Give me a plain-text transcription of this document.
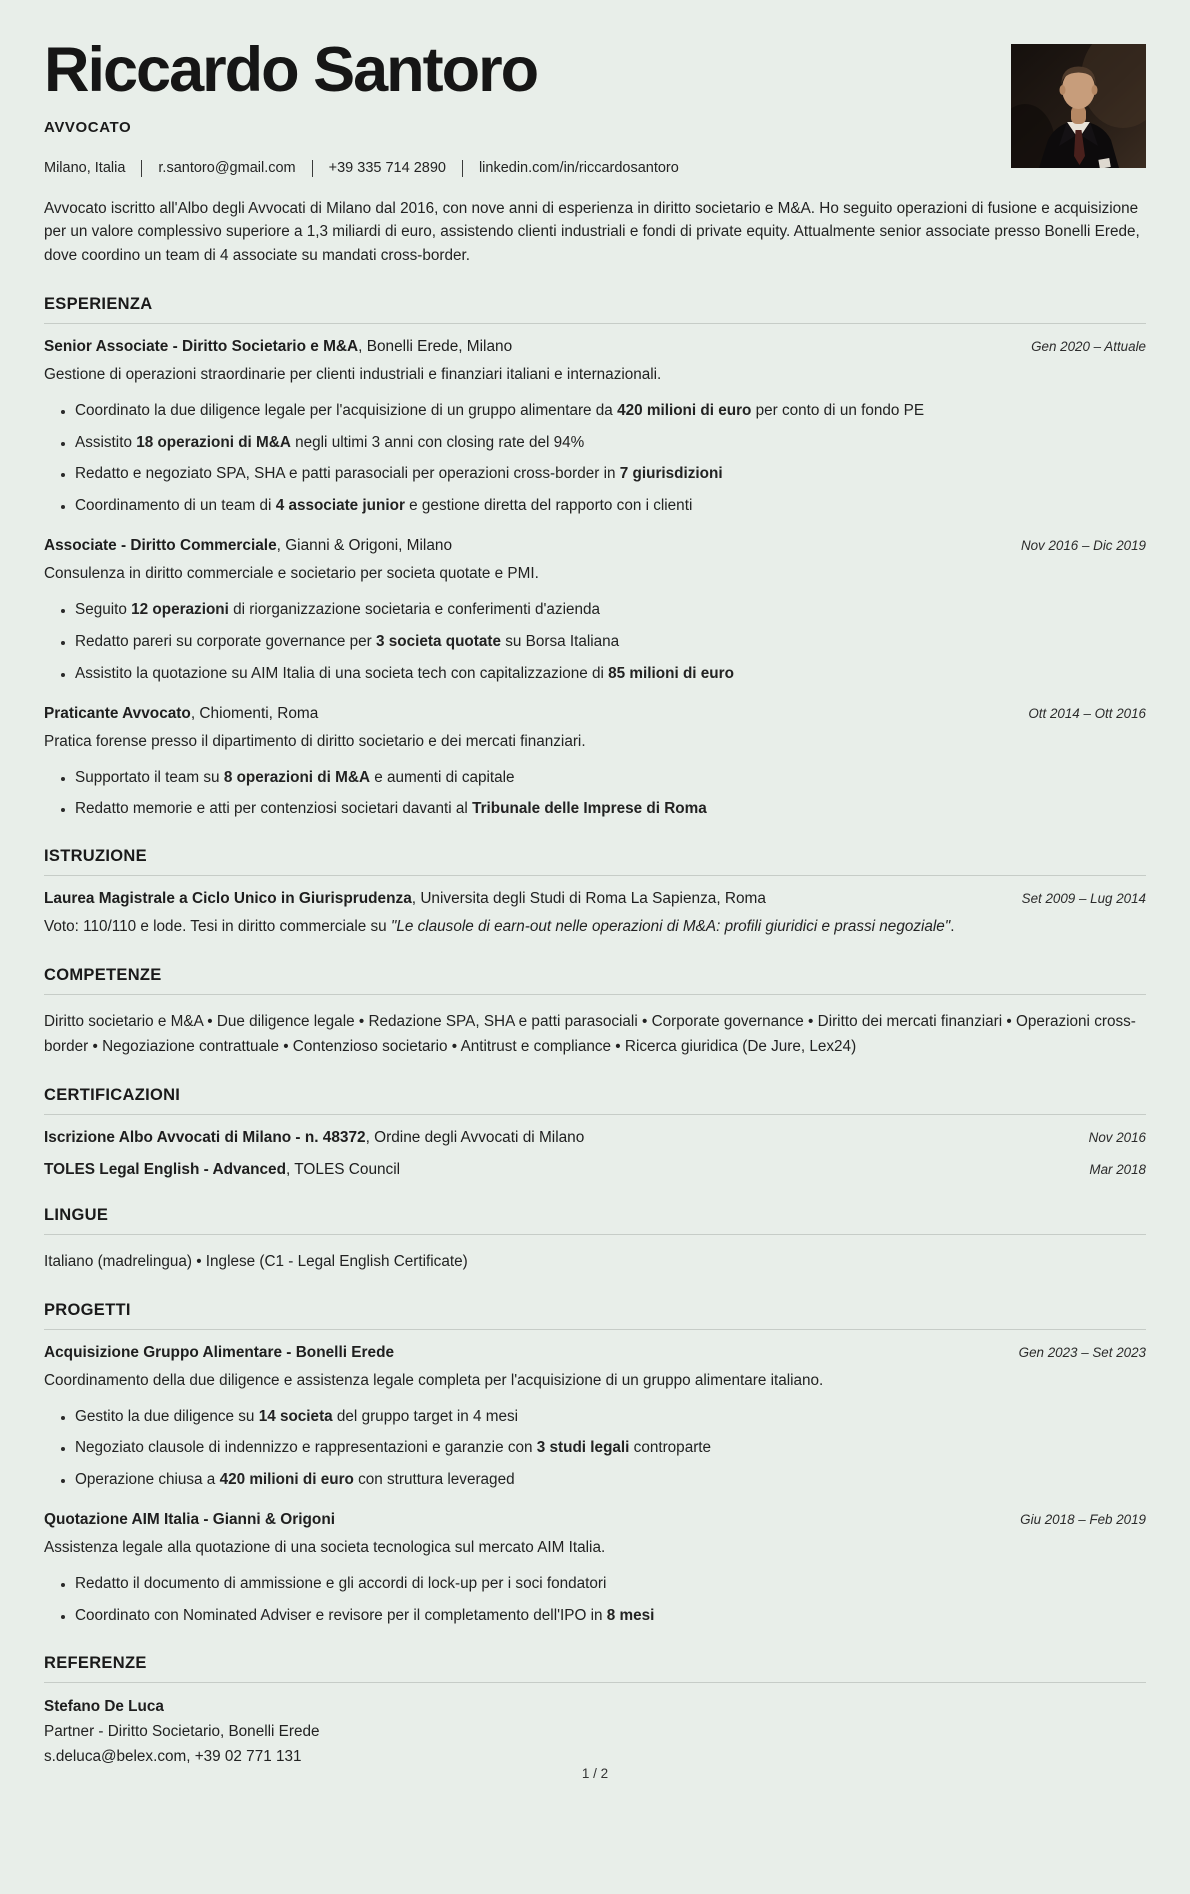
Riccardo Santoro
AVVOCATO
Milano, Italia r.santoro@gmail.com +39 335 714 2890 linkedin.com/in/riccardosantoro
Avvocato iscritto all'Albo degli Avvocati di Milano dal 2016, con nove anni di esperienza in diritto societario e M&A. Ho seguito operazioni di fusione e acquisizione per un valore complessivo superiore a 1,3 miliardi di euro, assistendo clienti industriali e fondi di private equity. Attualmente senior associate presso Bonelli Erede, dove coordino un team di 4 associate su mandati cross-border.
ESPERIENZA
Senior Associate - Diritto Societario e M&A, Bonelli Erede, Milano	Gen 2020 – Attuale
Gestione di operazioni straordinarie per clienti industriali e finanziari italiani e internazionali.
• Coordinato la due diligence legale per l'acquisizione di un gruppo alimentare da 420 milioni di euro per conto di un fondo PE
• Assistito 18 operazioni di M&A negli ultimi 3 anni con closing rate del 94%
• Redatto e negoziato SPA, SHA e patti parasociali per operazioni cross-border in 7 giurisdizioni
• Coordinamento di un team di 4 associate junior e gestione diretta del rapporto con i clienti
Associate - Diritto Commerciale, Gianni & Origoni, Milano	Nov 2016 – Dic 2019
Consulenza in diritto commerciale e societario per societa quotate e PMI.
• Seguito 12 operazioni di riorganizzazione societaria e conferimenti d'azienda
• Redatto pareri su corporate governance per 3 societa quotate su Borsa Italiana
• Assistito la quotazione su AIM Italia di una societa tech con capitalizzazione di 85 milioni di euro
Praticante Avvocato, Chiomenti, Roma	Ott 2014 – Ott 2016
Pratica forense presso il dipartimento di diritto societario e dei mercati finanziari.
• Supportato il team su 8 operazioni di M&A e aumenti di capitale
• Redatto memorie e atti per contenziosi societari davanti al Tribunale delle Imprese di Roma
ISTRUZIONE
Laurea Magistrale a Ciclo Unico in Giurisprudenza, Universita degli Studi di Roma La Sapienza, Roma	Set 2009 – Lug 2014
Voto: 110/110 e lode. Tesi in diritto commerciale su "Le clausole di earn-out nelle operazioni di M&A: profili giuridici e prassi negoziale".
COMPETENZE
Diritto societario e M&A • Due diligence legale • Redazione SPA, SHA e patti parasociali • Corporate governance • Diritto dei mercati finanziari • Operazioni cross-border • Negoziazione contrattuale • Contenzioso societario • Antitrust e compliance • Ricerca giuridica (De Jure, Lex24)
CERTIFICAZIONI
Iscrizione Albo Avvocati di Milano - n. 48372, Ordine degli Avvocati di Milano	Nov 2016
TOLES Legal English - Advanced, TOLES Council	Mar 2018
LINGUE
Italiano (madrelingua) • Inglese (C1 - Legal English Certificate)
PROGETTI
Acquisizione Gruppo Alimentare - Bonelli Erede	Gen 2023 – Set 2023
Coordinamento della due diligence e assistenza legale completa per l'acquisizione di un gruppo alimentare italiano.
• Gestito la due diligence su 14 societa del gruppo target in 4 mesi
• Negoziato clausole di indennizzo e rappresentazioni e garanzie con 3 studi legali controparte
• Operazione chiusa a 420 milioni di euro con struttura leveraged
Quotazione AIM Italia - Gianni & Origoni	Giu 2018 – Feb 2019
Assistenza legale alla quotazione di una societa tecnologica sul mercato AIM Italia.
• Redatto il documento di ammissione e gli accordi di lock-up per i soci fondatori
• Coordinato con Nominated Adviser e revisore per il completamento dell'IPO in 8 mesi
REFERENZE
Stefano De Luca
Partner - Diritto Societario, Bonelli Erede
s.deluca@belex.com, +39 02 771 131
1 / 2
